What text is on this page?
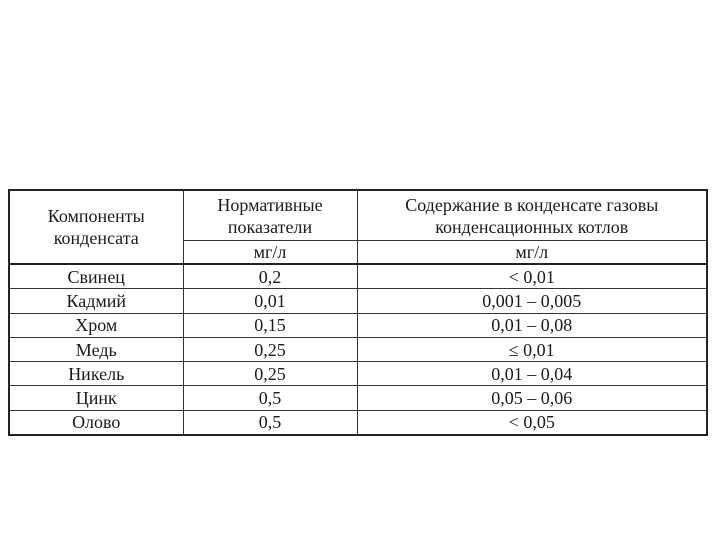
Компоненты конденсата	Нормативные показатели	Содержание в конденсате газовы конденсационных котлов

	мг/л	мг/л
Свинец	0,2	< 0,01
Кадмий	0,01	0,001 – 0,005
Хром	0,15	0,01 – 0,08
Медь	0,25	≤ 0,01
Никель	0,25	0,01 – 0,04
Цинк	0,5	0,05 – 0,06
Олово	0,5	< 0,05
